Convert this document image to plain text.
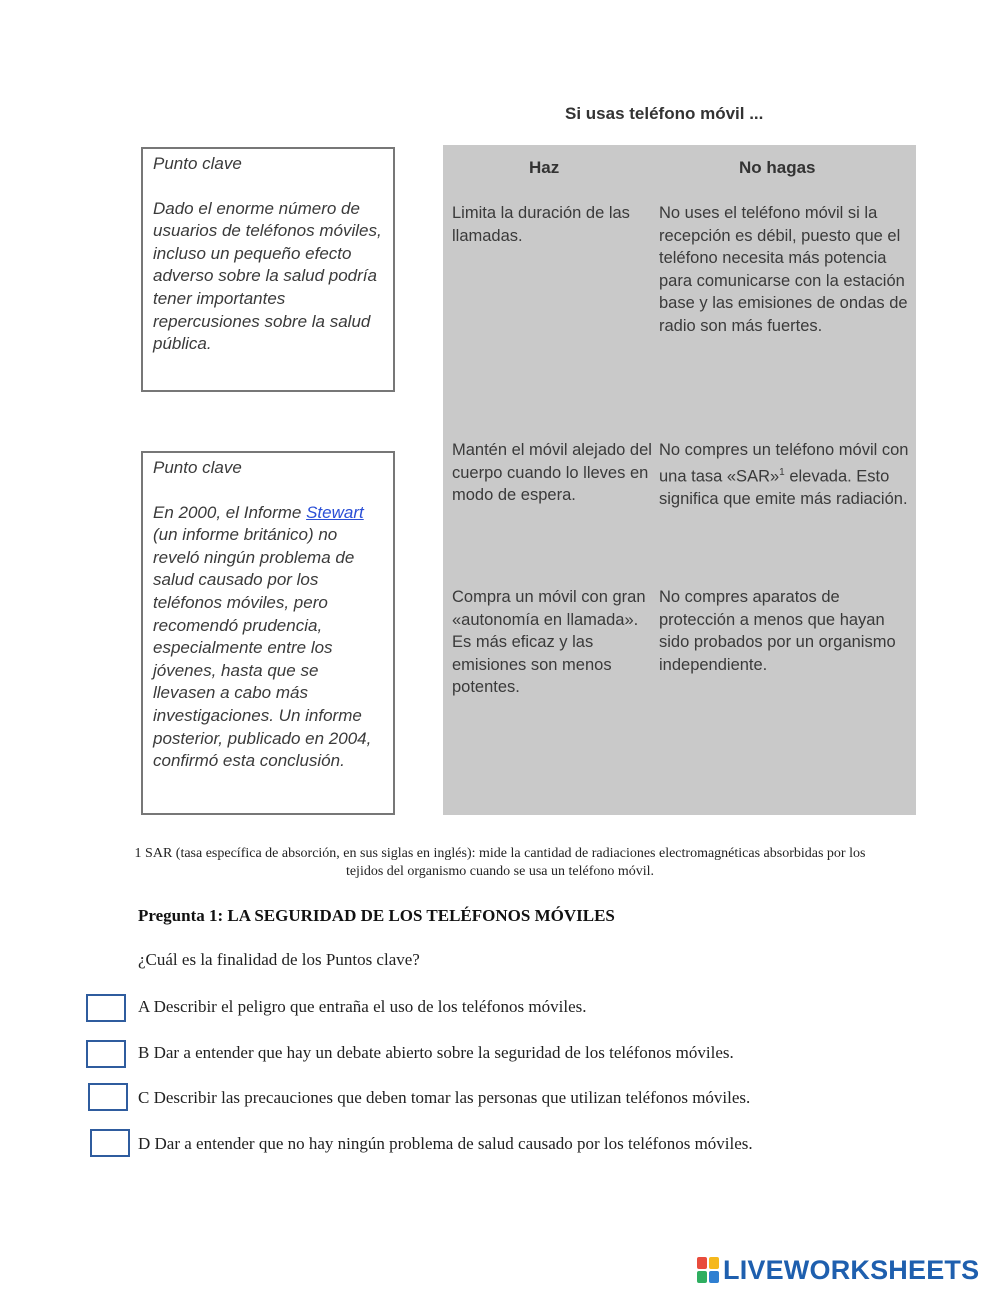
Si usas teléfono móvil ...
Punto clave
Dado el enorme número de usuarios de teléfonos móviles, incluso un pequeño efecto adverso sobre la salud podría tener importantes repercusiones sobre la salud pública.
Punto clave
En 2000, el Informe Stewart (un informe británico) no reveló ningún problema de salud causado por los teléfonos móviles, pero recomendó prudencia, especialmente entre los jóvenes, hasta que se llevasen a cabo más investigaciones. Un informe posterior, publicado en 2004, confirmó esta conclusión.
Haz	No hagas
Limita la duración de las llamadas.
No uses el teléfono móvil si la recepción es débil, puesto que el teléfono necesita más potencia para comunicarse con la estación base y las emisiones de ondas de radio son más fuertes.
Mantén el móvil alejado del cuerpo cuando lo lleves en modo de espera.
No compres un teléfono móvil con una tasa «SAR»$^1$ elevada. Esto significa que emite más radiación.
Compra un móvil con gran «autonomía en llamada». Es más eficaz y las emisiones son menos potentes.
No compres aparatos de protección a menos que hayan sido probados por un organismo independiente.
1 SAR (tasa específica de absorción, en sus siglas en inglés): mide la cantidad de radiaciones electromagnéticas absorbidas por los tejidos del organismo cuando se usa un teléfono móvil.
Pregunta 1: LA SEGURIDAD DE LOS TELÉFONOS MÓVILES
¿Cuál es la finalidad de los Puntos clave?
A Describir el peligro que entraña el uso de los teléfonos móviles.
B Dar a entender que hay un debate abierto sobre la seguridad de los teléfonos móviles.
C Describir las precauciones que deben tomar las personas que utilizan teléfonos móviles.
D Dar a entender que no hay ningún problema de salud causado por los teléfonos móviles.
LIVEWORKSHEETS
